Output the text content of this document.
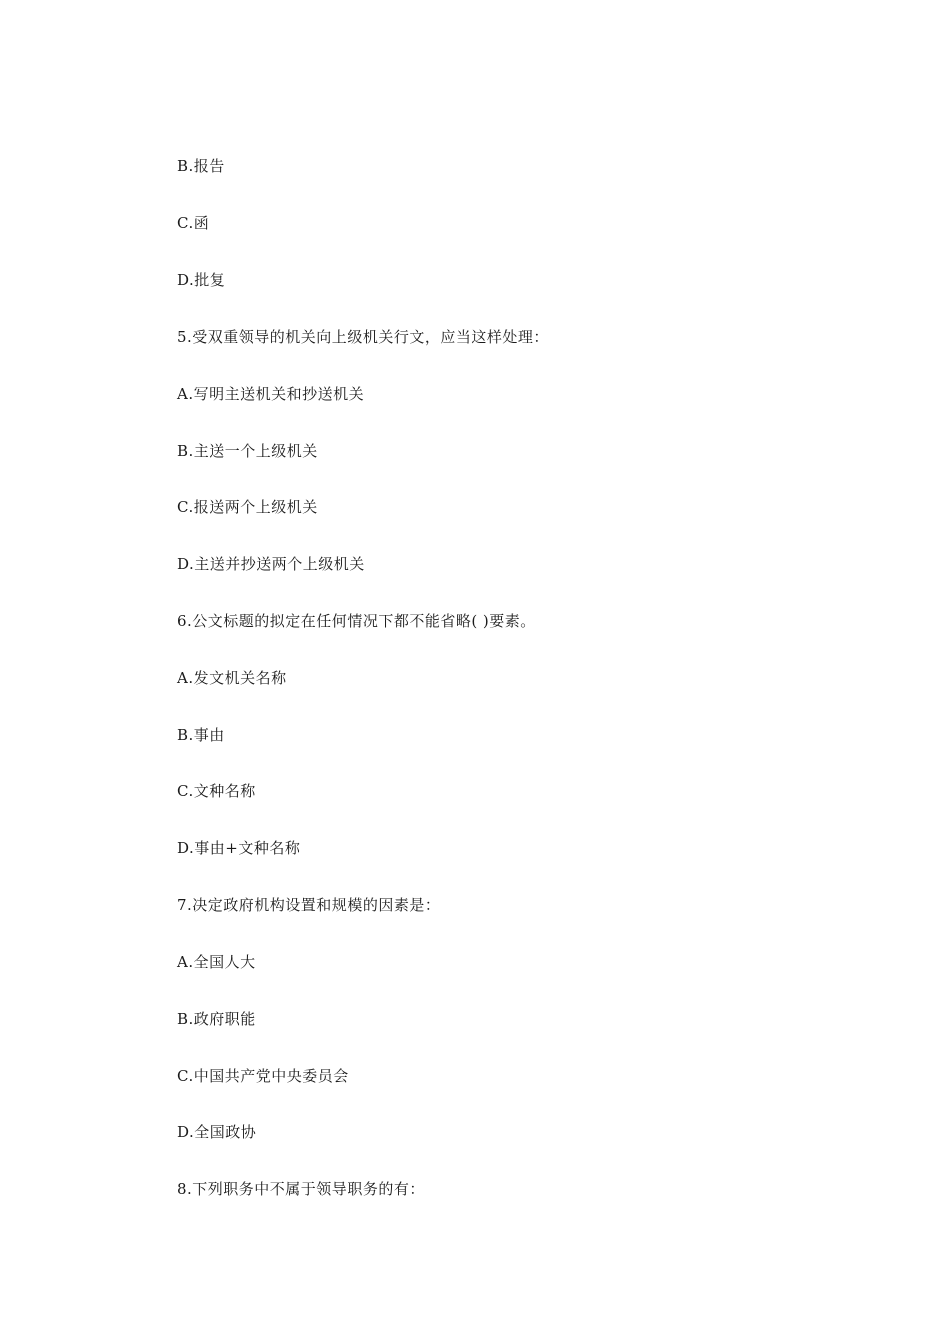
B.报告
C.函
D.批复
5.受双重领导的机关向上级机关行文，应当这样处理：
A.写明主送机关和抄送机关
B.主送一个上级机关
C.报送两个上级机关
D.主送并抄送两个上级机关
6.公文标题的拟定在任何情况下都不能省略( )要素。
A.发文机关名称
B.事由
C.文种名称
D.事由+文种名称
7.决定政府机构设置和规模的因素是：
A.全国人大
B.政府职能
C.中国共产党中央委员会
D.全国政协
8.下列职务中不属于领导职务的有：
